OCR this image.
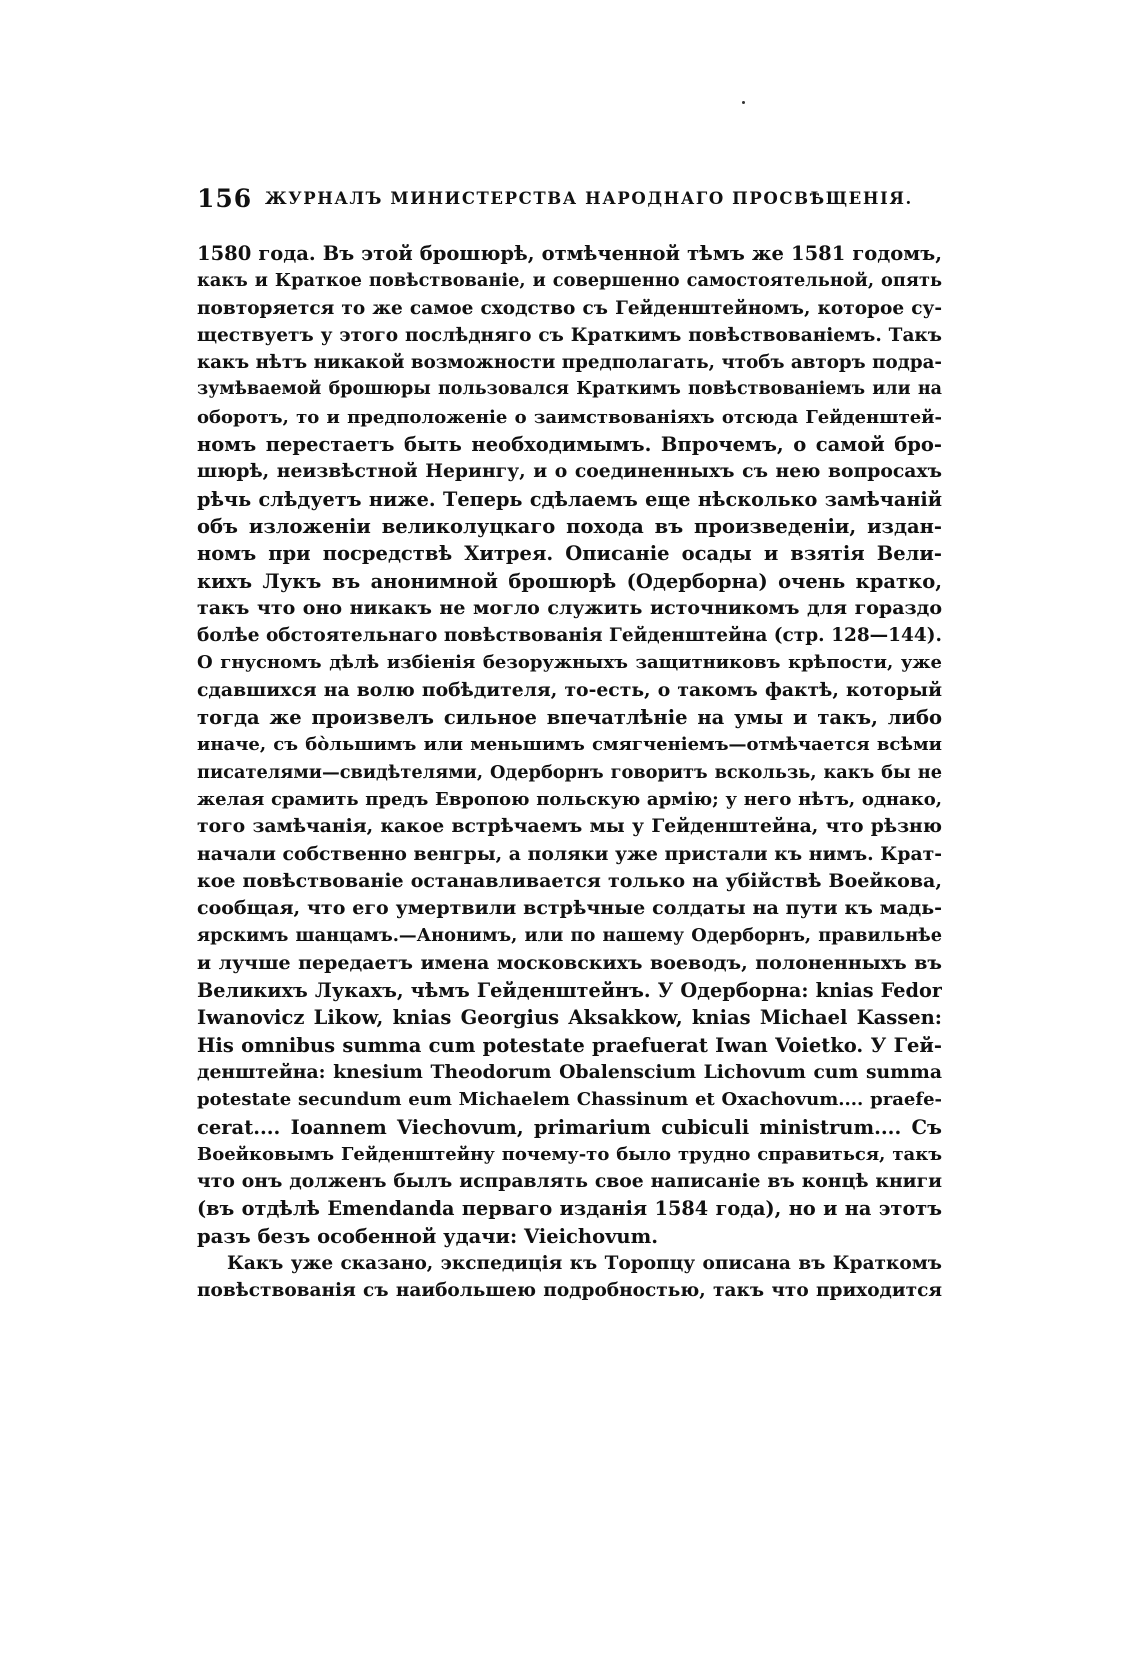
156 ЖУРНАЛЪ МИНИСТЕРСТВА НАРОДНАГО ПРОСВѢЩЕНІЯ.
1580 года. Въ этой брошюрѣ, отмѣченной тѣмъ же 1581 годомъ,
какъ и Краткое повѣствованіе, и совершенно самостоятельной, опять
повторяется то же самое сходство съ Гейденштейномъ, которое су-
ществуетъ у этого послѣдняго съ Краткимъ повѣствованіемъ. Такъ
какъ нѣтъ никакой возможности предполагать, чтобъ авторъ подра-
зумѣваемой брошюры пользовался Краткимъ повѣствованіемъ или на
оборотъ, то и предположеніе о заимствованіяхъ отсюда Гейденштей-
номъ перестаетъ быть необходимымъ. Впрочемъ, о самой бро-
шюрѣ, неизвѣстной Нерингу, и о соединенныхъ съ нею вопросахъ
рѣчь слѣдуетъ ниже. Теперь сдѣлаемъ еще нѣсколько замѣчаній
объ изложеніи великолуцкаго похода въ произведеніи, издан-
номъ при посредствѣ Хитрея. Описаніе осады и взятія Вели-
кихъ Лукъ въ анонимной брошюрѣ (Одерборна) очень кратко,
такъ что оно никакъ не могло служить источникомъ для гораздо
болѣе обстоятельнаго повѣствованія Гейденштейна (стр. 128—144).
О гнусномъ дѣлѣ избіенія безоружныхъ защитниковъ крѣпости, уже
сдавшихся на волю побѣдителя, то-есть, о такомъ фактѣ, который
тогда же произвелъ сильное впечатлѣніе на умы и такъ, либо
иначе, съ бо̀льшимъ или меньшимъ смягченіемъ—отмѣчается всѣми
писателями—свидѣтелями, Одерборнъ говоритъ вскользь, какъ бы не
желая срамить предъ Европою польскую армію; у него нѣтъ, однако,
того замѣчанія, какое встрѣчаемъ мы у Гейденштейна, что рѣзню
начали собственно венгры, а поляки уже пристали къ нимъ. Крат-
кое повѣствованіе останавливается только на убійствѣ Воейкова,
сообщая, что его умертвили встрѣчные солдаты на пути къ мадь-
ярскимъ шанцамъ.—Анонимъ, или по нашему Одерборнъ, правильнѣе
и лучше передаетъ имена московскихъ воеводъ, полоненныхъ въ
Великихъ Лукахъ, чѣмъ Гейденштейнъ. У Одерборна: knias Fedor
Iwanovicz Likow, knias Georgius Aksakkow, knias Michael Kassen:
His omnibus summa cum potestate praefuerat Iwan Voietko. У Гей-
денштейна: knesium Theodorum Obalenscium Lichovum cum summa
potestate secundum eum Michaelem Chassinum et Oxachovum.... praefe-
cerat.... Ioannem Viechovum, primarium cubiculi ministrum.... Съ
Воейковымъ Гейденштейну почему-то было трудно справиться, такъ
что онъ долженъ былъ исправлять свое написаніе въ концѣ книги
(въ отдѣлѣ Emendanda перваго изданія 1584 года), но и на этотъ
разъ безъ особенной удачи: Vieichovum.
Какъ уже сказано, экспедиція къ Торопцу описана въ Краткомъ
повѣствованія съ наибольшею подробностью, такъ что приходится
